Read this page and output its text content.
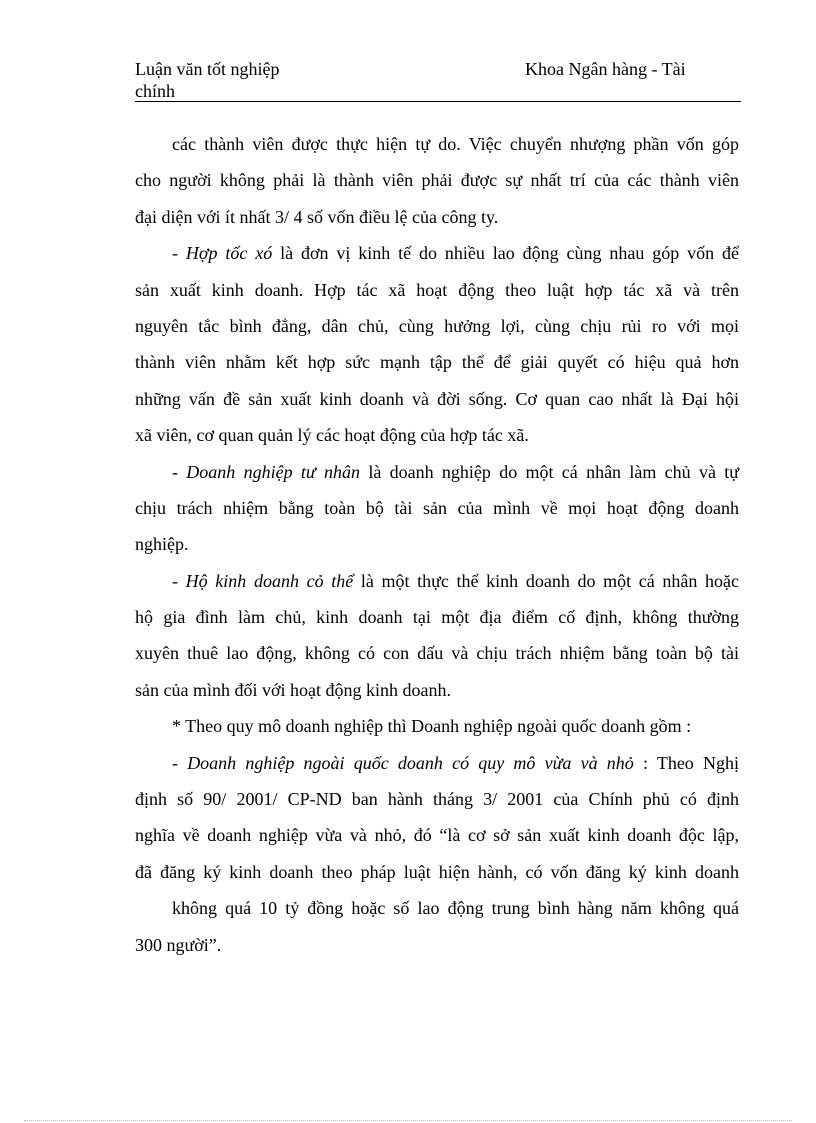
Luận văn tốt nghiệp	Khoa Ngân hàng - Tài
chính
các thành viên được thực hiện tự do. Việc chuyển nhượng phần vốn góp
cho người không phải là thành viên phải được sự nhất trí của các thành viên
đại diện với ít nhất 3/ 4 số vốn điều lệ của công ty.
- Hợp tốc xó là đơn vị kinh tế do nhiều lao động cùng nhau góp vốn để
sản xuất kinh doanh. Hợp tác xã hoạt động theo luật hợp tác xã và trên
nguyên tắc bình đẳng, dân chủ, cùng hưởng lợi, cùng chịu rủi ro với mọi
thành viên nhằm kết hợp sức mạnh tập thể để giải quyết có hiệu quả hơn
những vấn đề sản xuất kinh doanh và đời sống. Cơ quan cao nhất là Đại hội
xã viên, cơ quan quản lý các hoạt động của hợp tác xã.
- Doanh nghiệp tư nhân là doanh nghiệp do một cá nhân làm chủ và tự
chịu trách nhiệm bằng toàn bộ tài sản của mình về mọi hoạt động doanh
nghiệp.
- Hộ kinh doanh cỏ thể là một thực thể kinh doanh do một cá nhân hoặc
hộ gia đình làm chủ, kinh doanh tại một địa điểm cố định, không thường
xuyên thuê lao động, không có con dấu và chịu trách nhiệm bằng toàn bộ tài
sản của mình đối với hoạt động kinh doanh.
* Theo quy mô doanh nghiệp thì Doanh nghiệp ngoài quốc doanh gồm :
- Doanh nghiệp ngoài quốc doanh có quy mô vừa và nhỏ : Theo Nghị
định số 90/ 2001/ CP-ND ban hành tháng 3/ 2001 của Chính phủ có định
nghĩa về doanh nghiệp vừa và nhỏ, đó “là cơ sở sản xuất kinh doanh độc lập,
đã đăng ký kinh doanh theo pháp luật hiện hành, có vốn đăng ký kinh doanh
không quá 10 tỷ đồng hoặc số lao động trung bình hàng năm không quá
300 người”.
